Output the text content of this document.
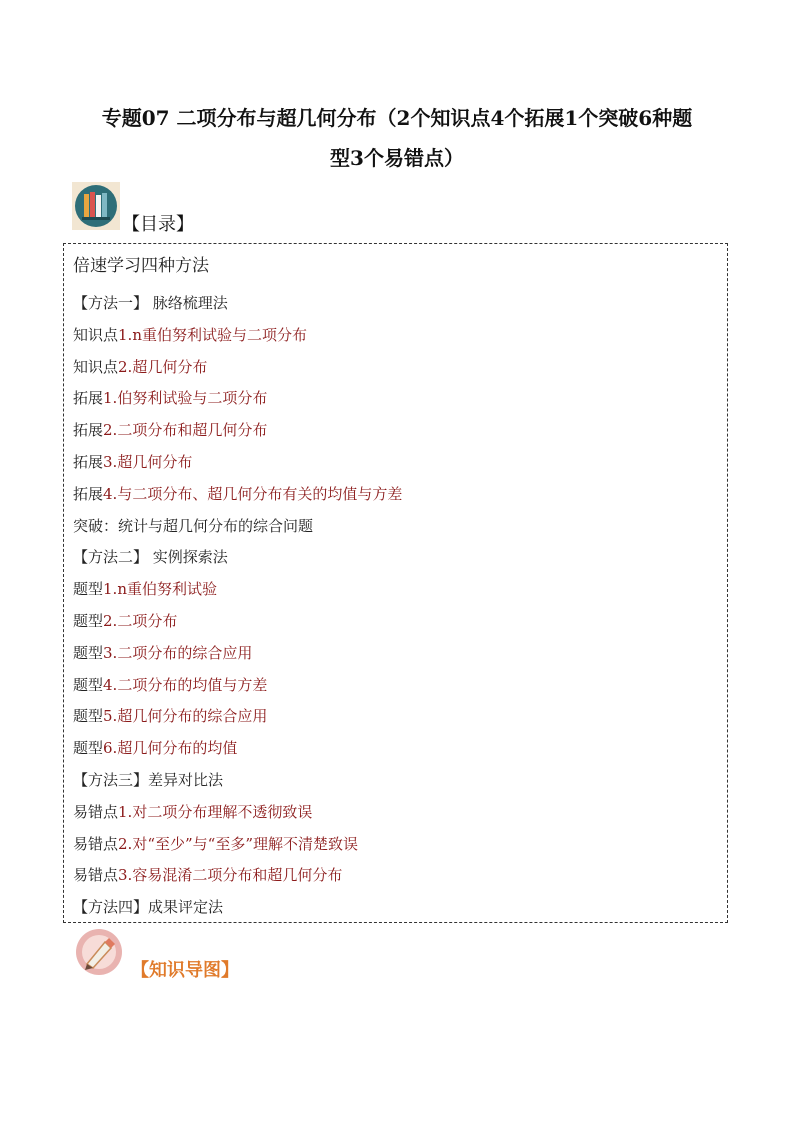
专题07 二项分布与超几何分布（2个知识点4个拓展1个突破6种题
型3个易错点）
【目录】
倍速学习四种方法
【方法一】 脉络梳理法
知识点1.n重伯努利试验与二项分布
知识点2.超几何分布
拓展1.伯努利试验与二项分布
拓展2.二项分布和超几何分布
拓展3.超几何分布
拓展4.与二项分布、超几何分布有关的均值与方差
突破：统计与超几何分布的综合问题
【方法二】 实例探索法
题型1.n重伯努利试验
题型2.二项分布
题型3.二项分布的综合应用
题型4.二项分布的均值与方差
题型5.超几何分布的综合应用
题型6.超几何分布的均值
【方法三】差异对比法
易错点1.对二项分布理解不透彻致误
易错点2.对“至少”与“至多”理解不清楚致误
易错点3.容易混淆二项分布和超几何分布
【方法四】成果评定法
【知识导图】
